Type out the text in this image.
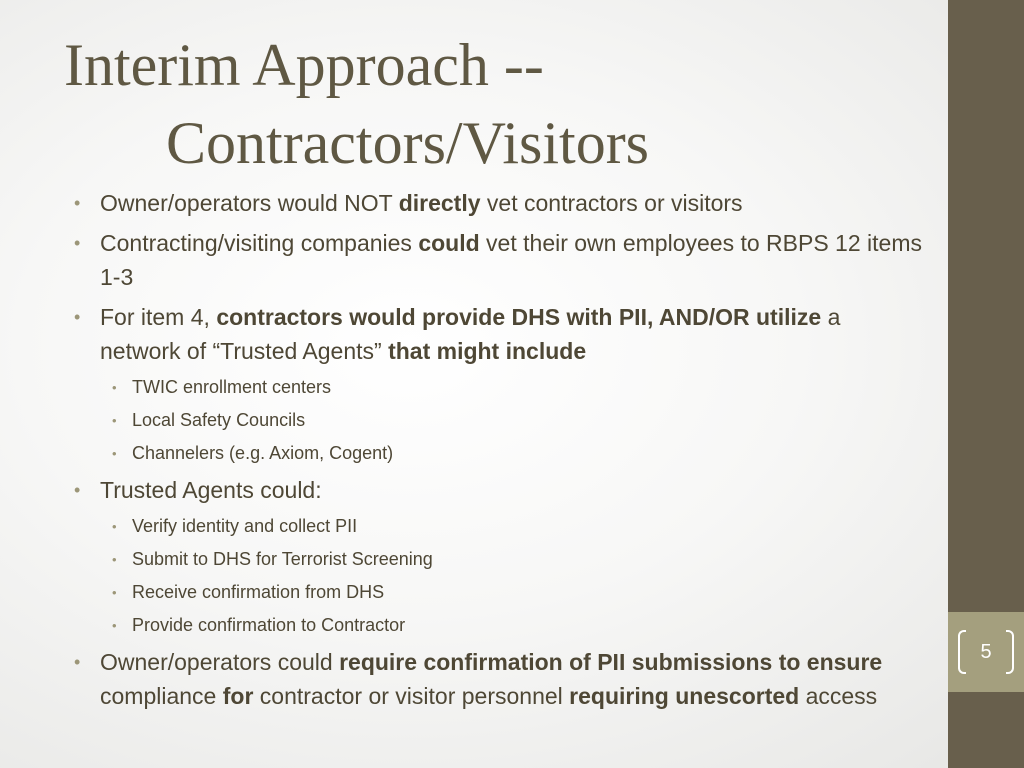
Interim Approach --
Contractors/Visitors
• Owner/operators would NOT directly vet contractors or visitors
• Contracting/visiting companies could vet their own employees to RBPS 12 items 1-3
• For item 4, contractors would provide DHS with PII, AND/OR utilize a network of “Trusted Agents” that might include
• TWIC enrollment centers
• Local Safety Councils
• Channelers (e.g. Axiom, Cogent)
• Trusted Agents could:
• Verify identity and collect PII
• Submit to DHS for Terrorist Screening
• Receive confirmation from DHS
• Provide confirmation to Contractor
• Owner/operators could require confirmation of PII submissions to ensure compliance for contractor or visitor personnel requiring unescorted access
5
